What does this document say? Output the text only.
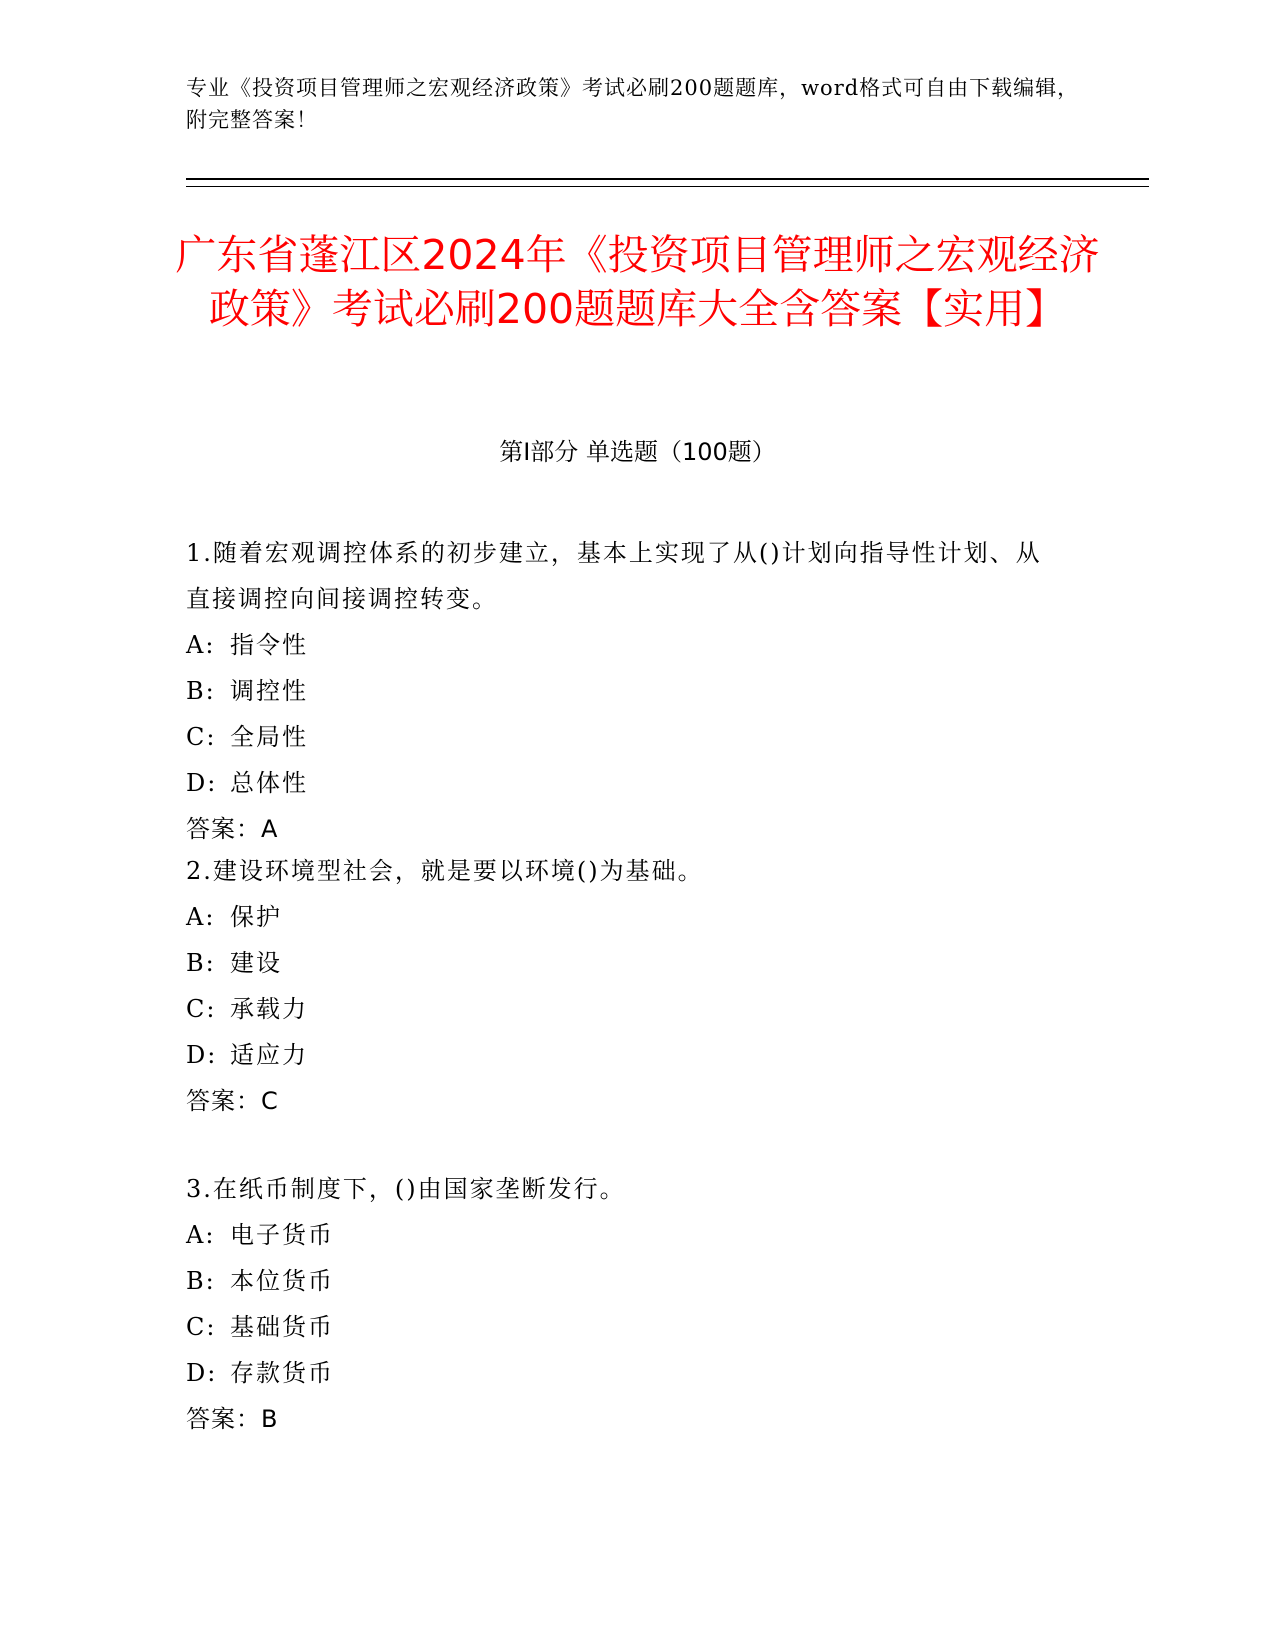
专业《投资项目管理师之宏观经济政策》考试必刷200题题库，word格式可自由下载编辑，附完整答案！
广东省蓬江区2024年《投资项目管理师之宏观经济政策》考试必刷200题题库大全含答案【实用】
第I部分 单选题（100题）

1.随着宏观调控体系的初步建立，基本上实现了从()计划向指导性计划、从直接调控向间接调控转变。

A: 指令性

B: 调控性

C: 全局性

D: 总体性

答案：A

2.建设环境型社会，就是要以环境()为基础。

A: 保护

B: 建设

C: 承载力

D: 适应力

答案：C

3.在纸币制度下，()由国家垄断发行。

A: 电子货币

B: 本位货币

C: 基础货币

D: 存款货币

答案：B
